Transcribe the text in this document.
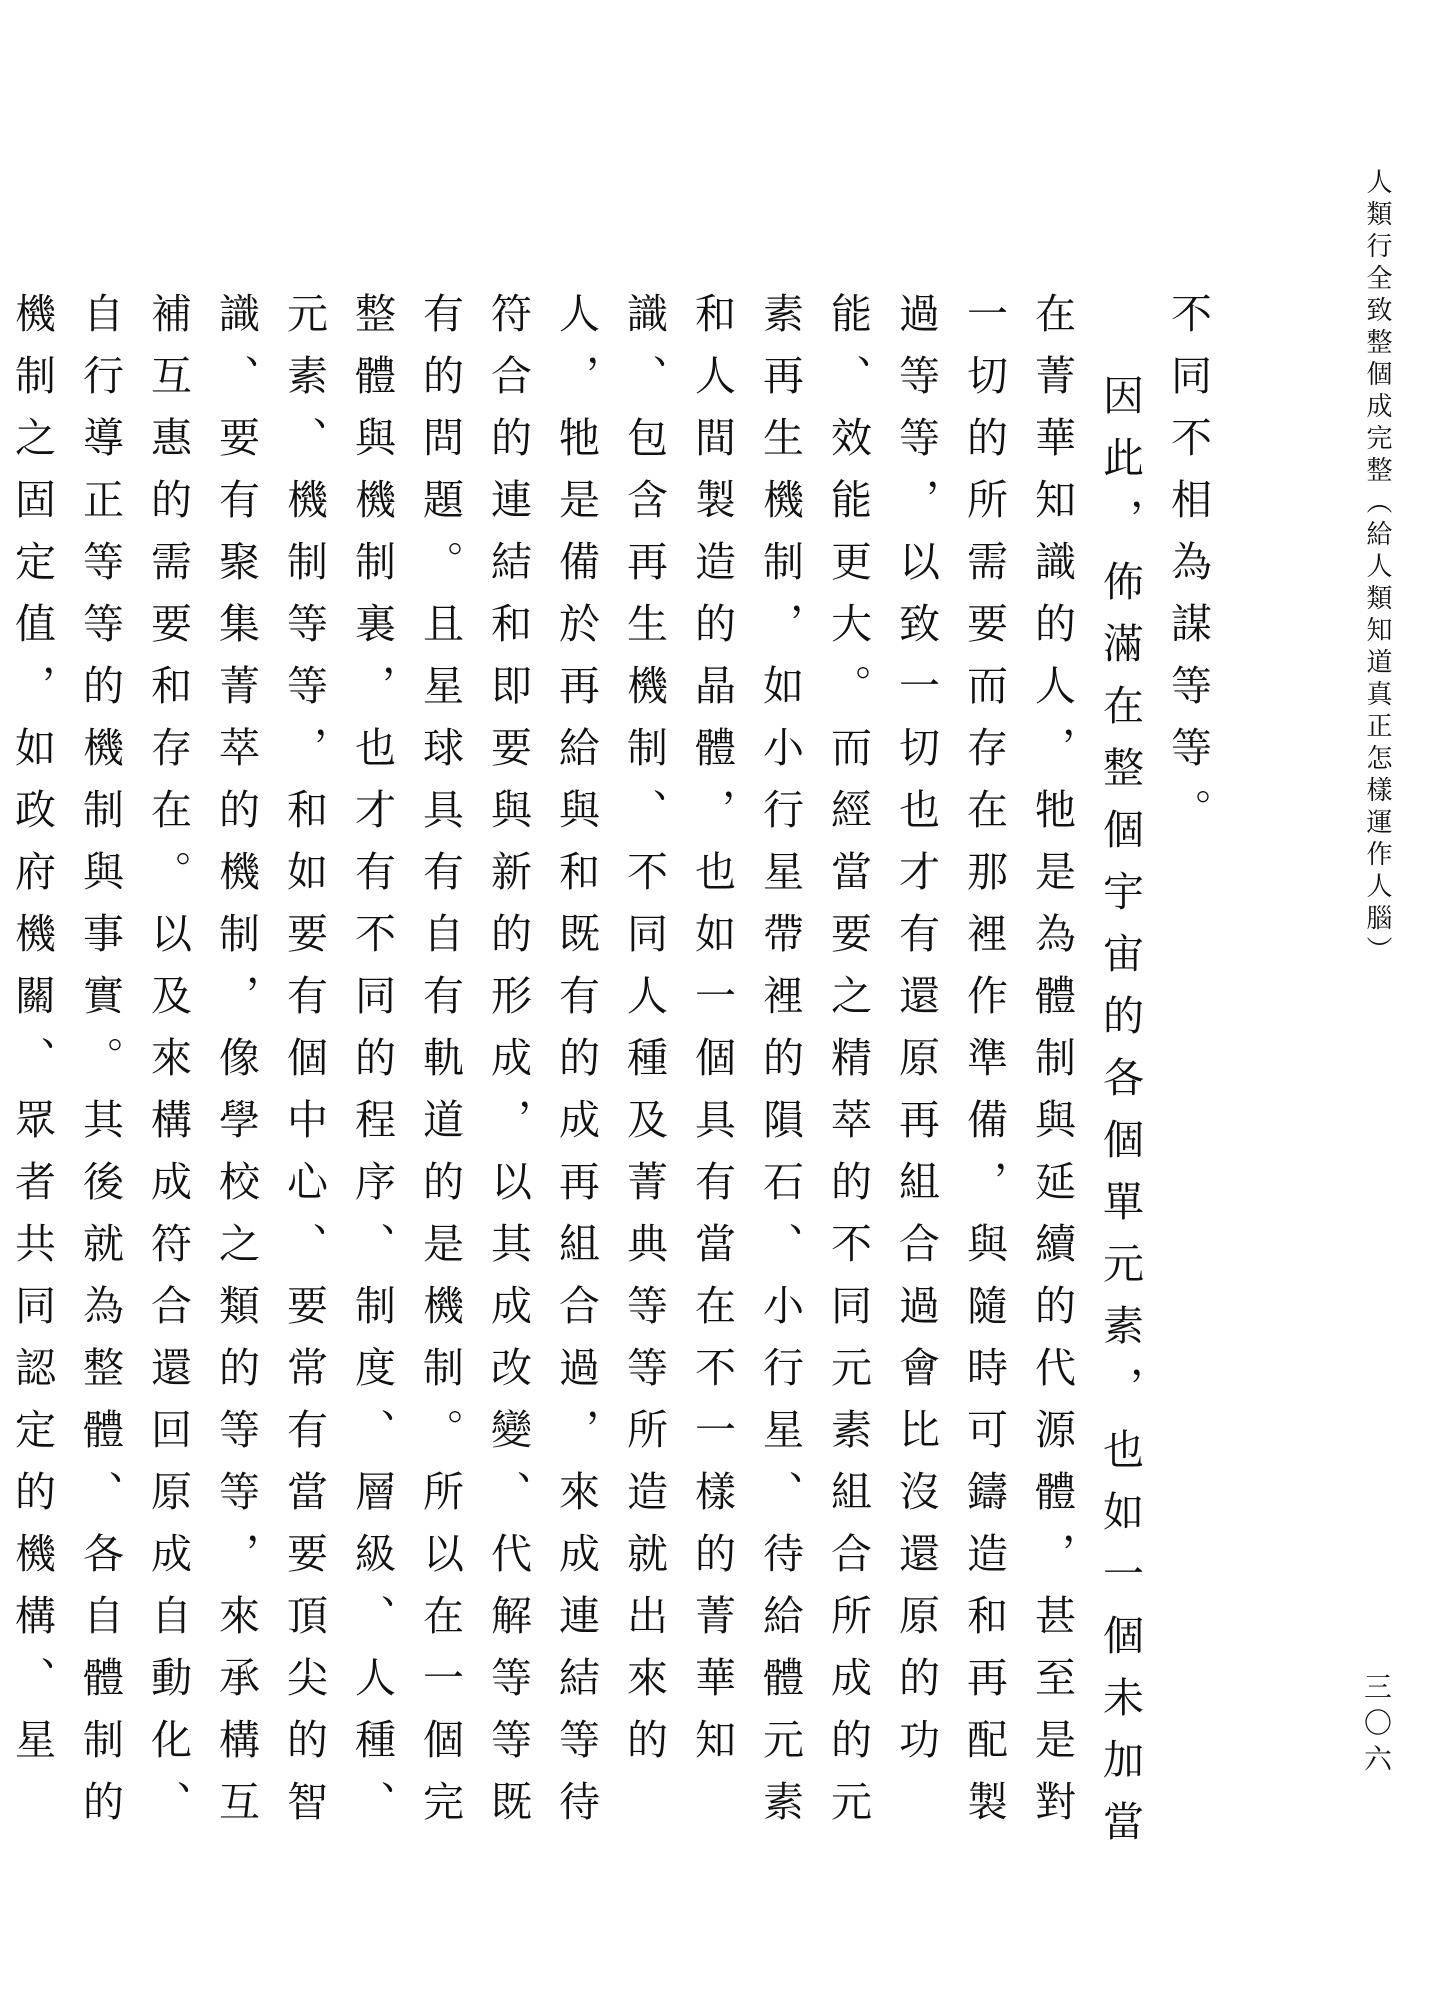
人類行全致整個成完整（給人類知道真正怎樣運作人腦）

不同不相為謀等等。

因此，佈滿在整個宇宙的各個單元素，也如一個未加當在菁華知識的人，牠是為體制與延續的代源體，甚至是對一切的所需要而存在那裡作準備，與隨時可鑄造和再配製過等等，以致一切也才有還原再組合過會比沒還原的功能、效能更大。而經當要之精萃的不同元素組合所成的元素再生機制，如小行星帶裡的隕石、小行星、待給體元素和人間製造的晶體，也如一個具有當在不一樣的菁華知識、包含再生機制、不同人種及菁典等等所造就出來的人，牠是備於再給與和既有的成再組合過，來成連結等待符合的連結和即要與新的形成，以其成改變、代解等等既有的問題。且星球具有自有軌道的是機制。所以在一個完整體與機制裏，也才有不同的程序、制度、層級、人種、元素、機制等等，和如要有個中心、要常有當要頂尖的智識、要有聚集菁萃的機制，像學校之類的等等，來承構互補互惠的需要和存在。以及來構成符合還回原成自動化、自行導正等等的機制與事實。其後就為整體、各自體制的機制之固定值，如政府機關、眾者共同認定的機構、星	三〇六
